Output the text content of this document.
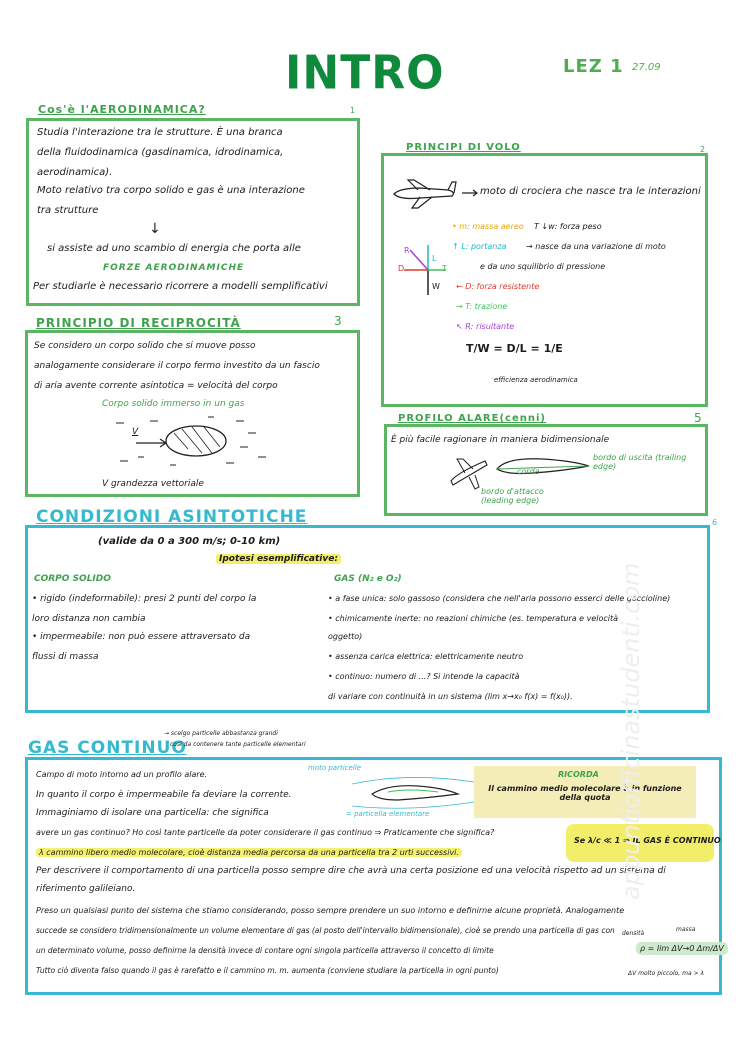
INTRO	LEZ 1 27.09
Cos'è l'AERODINAMICA?	1
Studia l'interazione tra le strutture. È una branca
della fluidodinamica (gasdinamica, idrodinamica,
aerodinamica).
Moto relativo tra corpo solido e gas è una interazione
tra strutture
↓
si assiste ad uno scambio di energia che porta alle
FORZE AERODINAMICHE
Per studiarle è necessario ricorrere a modelli semplificativi
PRINCIPI DI VOLO	2
moto di crociera che nasce tra le interazioni
R
L
D	T
W
• m: massa aereo T ↓w: forza peso
↑ L: portanza → nasce da una variazione di moto
e da uno squilibrio di pressione
← D: forza resistente
→ T: trazione
↖ R: risultante
T/W = D/L = 1/E
efficienza aerodinamica
PRINCIPIO DI RECIPROCITÀ	3
Se considero un corpo solido che si muove posso
analogamente considerare il corpo fermo investito da un fascio
di aria avente corrente asintotica = velocità del corpo
Corpo solido immerso in un gas
V
V grandezza vettoriale
PROFILO ALARE(cenni)	5
È più facile ragionare in maniera bidimensionale
corda
bordo di uscita (trailing edge)
bordo d'attacco (leading edge)
CONDIZIONI ASINTOTICHE	6
(valide da 0 a 300 m/s; 0-10 km)
Ipotesi esemplificative:
CORPO SOLIDO	GAS (N₂ e O₂)
• rigido (indeformabile): presi 2 punti del corpo la
loro distanza non cambia
• impermeabile: non può essere attraversato da
flussi di massa
• a fase unica: solo gassoso (considera che nell'aria possono esserci delle goccioline)
• chimicamente inerte: no reazioni chimiche (es. temperatura e velocità
oggetto)
• assenza carica elettrica: elettricamente neutro
• continuo: numero di ...? Si intende la capacità
di variare con continuità in un sistema (lim x→x₀ f(x) = f(x₀)).
GAS CONTINUO
→ scelgo particelle abbastanza grandi
così da contenere tante particelle elementari
Campo di moto intorno ad un profilo alare.
In quanto il corpo è impermeabile fa deviare la corrente.
Immaginiamo di isolare una particella: che significa
avere un gas continuo? Ho così tante particelle da poter considerare il gas continuo ⇒ Praticamente che significa?
λ cammino libero medio molecolare, cioè distanza media percorsa da una particella tra 2 urti successivi.
Per descrivere il comportamento di una particella posso sempre dire che avrà una certa posizione ed una velocità rispetto ad un sistema di
riferimento galileiano.
Preso un qualsiasi punto del sistema che stiamo considerando, posso sempre prendere un suo intorno e definirne alcune proprietà. Analogamente
succede se considero tridimensionalmente un volume elementare di gas (al posto dell'intervallo bidimensionale), cioè se prendo una particella di gas con
un determinato volume, posso definirne la densità invece di contare ogni singola particella attraverso il concetto di limite
Tutto ciò diventa falso quando il gas è rarefatto e il cammino m. m. aumenta (conviene studiare la particella in ogni punto)
moto particelle
= particella elementare
RICORDA
Il cammino medio molecolare è in funzione della quota
Se λ/c ≪ 1 ⇒ IL GAS È CONTINUO
densità
massa
ρ = lim ΔV→0 Δm/ΔV
ΔV molto piccolo, ma > λ
appuntiofficinastudenti.com
